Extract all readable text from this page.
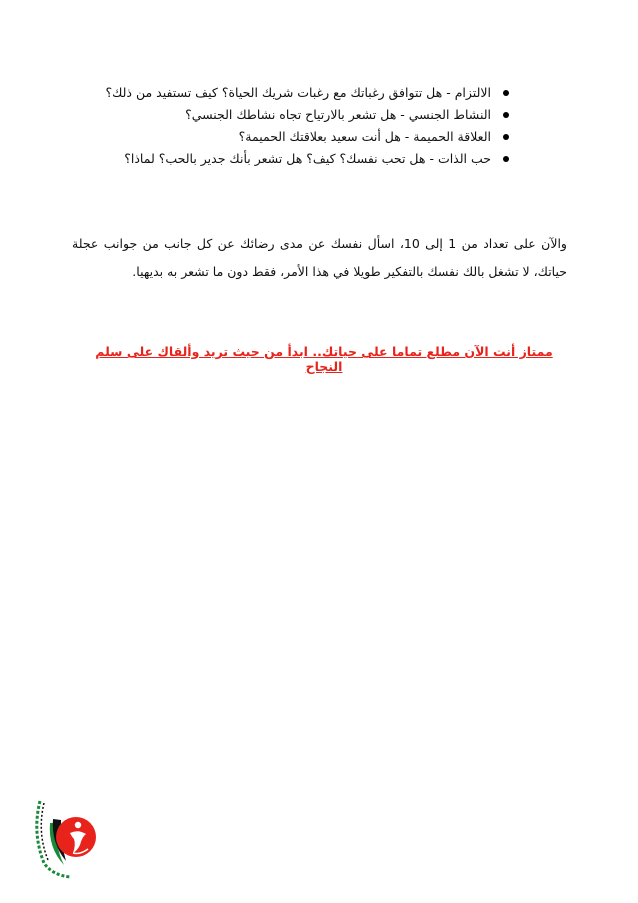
الالتزام - هل تتوافق رغباتك مع رغبات شريك الحياة؟ كيف تستفيد من ذلك؟
النشاط الجنسي - هل تشعر بالارتياح تجاه نشاطك الجنسي؟
العلاقة الحميمة - هل أنت سعيد بعلاقتك الحميمة؟
حب الذات - هل تحب نفسك؟ كيف؟ هل تشعر بأنك جدير بالحب؟ لماذا؟

والآن على تعداد من 1 إلى 10، اسأل نفسك عن مدى رضائك عن كل جانب من جوانب عجلة حياتك، لا تشغل بالك نفسك بالتفكير طويلا في هذا الأمر، فقط دون ما تشعر به بديهيا.

ممتاز أنت الآن مطلع تماما على حياتك.. ابدأ من حيث تريد وألقاك على سلم النجاح
